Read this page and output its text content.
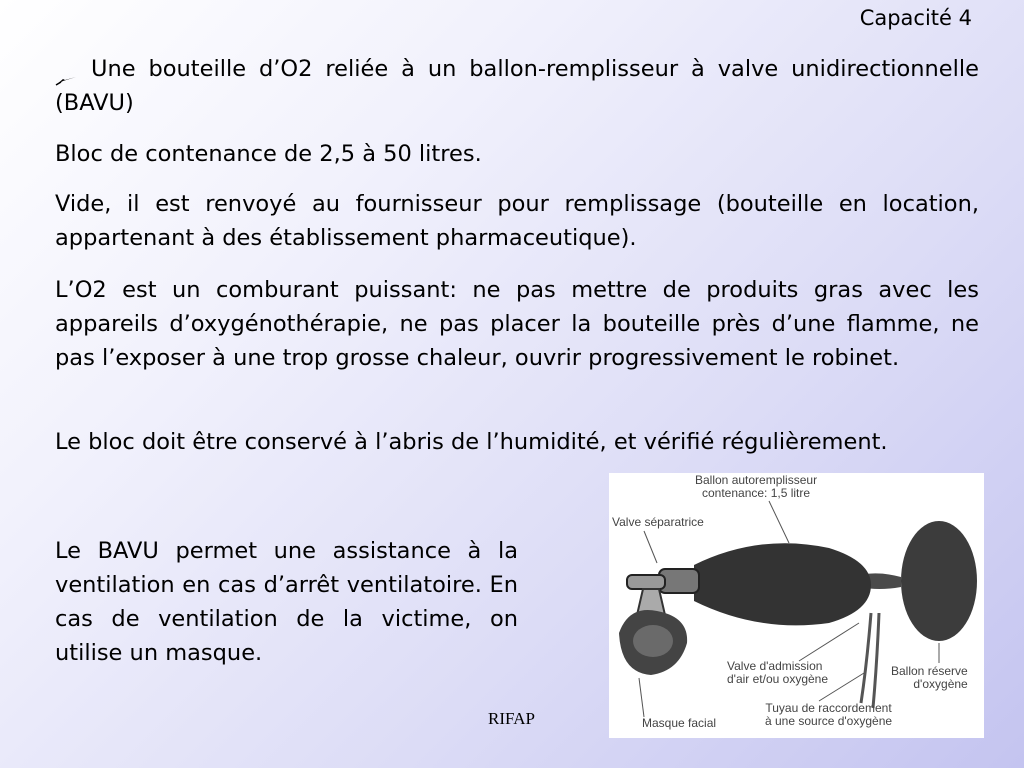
Capacité 4

Une bouteille d’O2 reliée à un ballon-remplisseur à valve unidirectionnelle (BAVU)

Bloc de contenance de 2,5 à 50 litres.

Vide, il est renvoyé au fournisseur pour remplissage (bouteille en location, appartenant à des établissement pharmaceutique).

L’O2 est un comburant puissant: ne pas mettre de produits gras avec les appareils d’oxygénothérapie, ne pas placer la bouteille près d’une flamme, ne pas l’exposer à une trop grosse chaleur, ouvrir progressivement le robinet.

Le bloc doit être conservé à l’abris de l’humidité, et vérifié régulièrement.

Le BAVU permet une assistance à la ventilation en cas d’arrêt ventilatoire. En cas de ventilation de la victime, on utilise un masque.

Ballon autoremplisseur
contenance: 1,5 litre
Valve séparatrice
Valve d'admission
d'air et/ou oxygène
Ballon réserve
d'oxygène
Tuyau de raccordement
à une source d'oxygène
Masque facial
RIFAP
